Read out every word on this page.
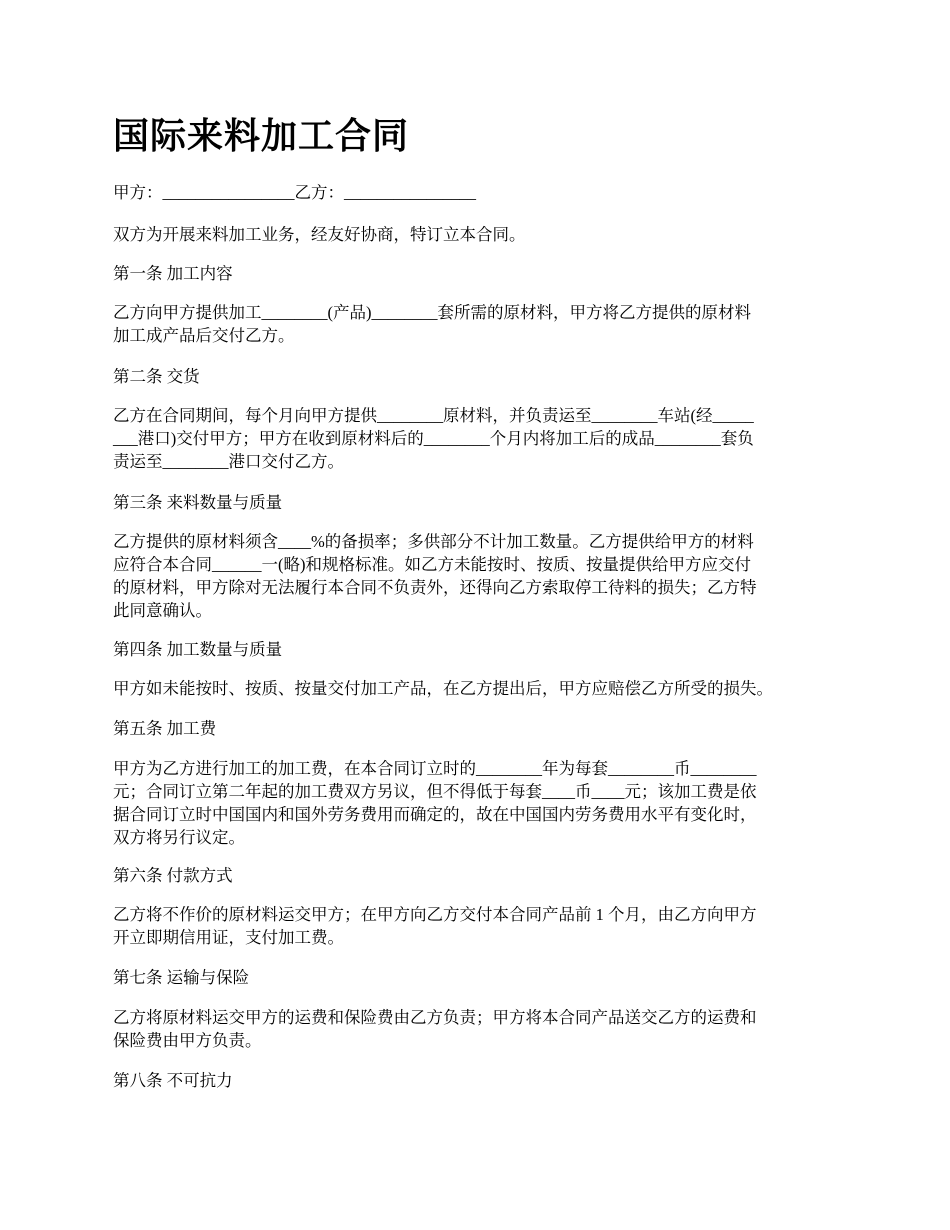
国际来料加工合同

甲方：________________乙方：________________

双方为开展来料加工业务，经友好协商，特订立本合同。

第一条 加工内容

乙方向甲方提供加工________(产品)________套所需的原材料，甲方将乙方提供的原材料
加工成产品后交付乙方。

第二条 交货

乙方在合同期间，每个月向甲方提供________原材料，并负责运至________车站(经_____
___港口)交付甲方；甲方在收到原材料后的________个月内将加工后的成品________套负
责运至________港口交付乙方。

第三条 来料数量与质量

乙方提供的原材料须含____%的备损率；多供部分不计加工数量。乙方提供给甲方的材料
应符合本合同______一(略)和规格标准。如乙方未能按时、按质、按量提供给甲方应交付
的原材料，甲方除对无法履行本合同不负责外，还得向乙方索取停工待料的损失；乙方特
此同意确认。

第四条 加工数量与质量

甲方如未能按时、按质、按量交付加工产品，在乙方提出后，甲方应赔偿乙方所受的损失。

第五条 加工费

甲方为乙方进行加工的加工费，在本合同订立时的________年为每套________币________
元；合同订立第二年起的加工费双方另议，但不得低于每套____币____元；该加工费是依
据合同订立时中国国内和国外劳务费用而确定的，故在中国国内劳务费用水平有变化时，
双方将另行议定。

第六条 付款方式

乙方将不作价的原材料运交甲方；在甲方向乙方交付本合同产品前 1 个月，由乙方向甲方
开立即期信用证，支付加工费。

第七条 运输与保险

乙方将原材料运交甲方的运费和保险费由乙方负责；甲方将本合同产品送交乙方的运费和
保险费由甲方负责。

第八条 不可抗力
